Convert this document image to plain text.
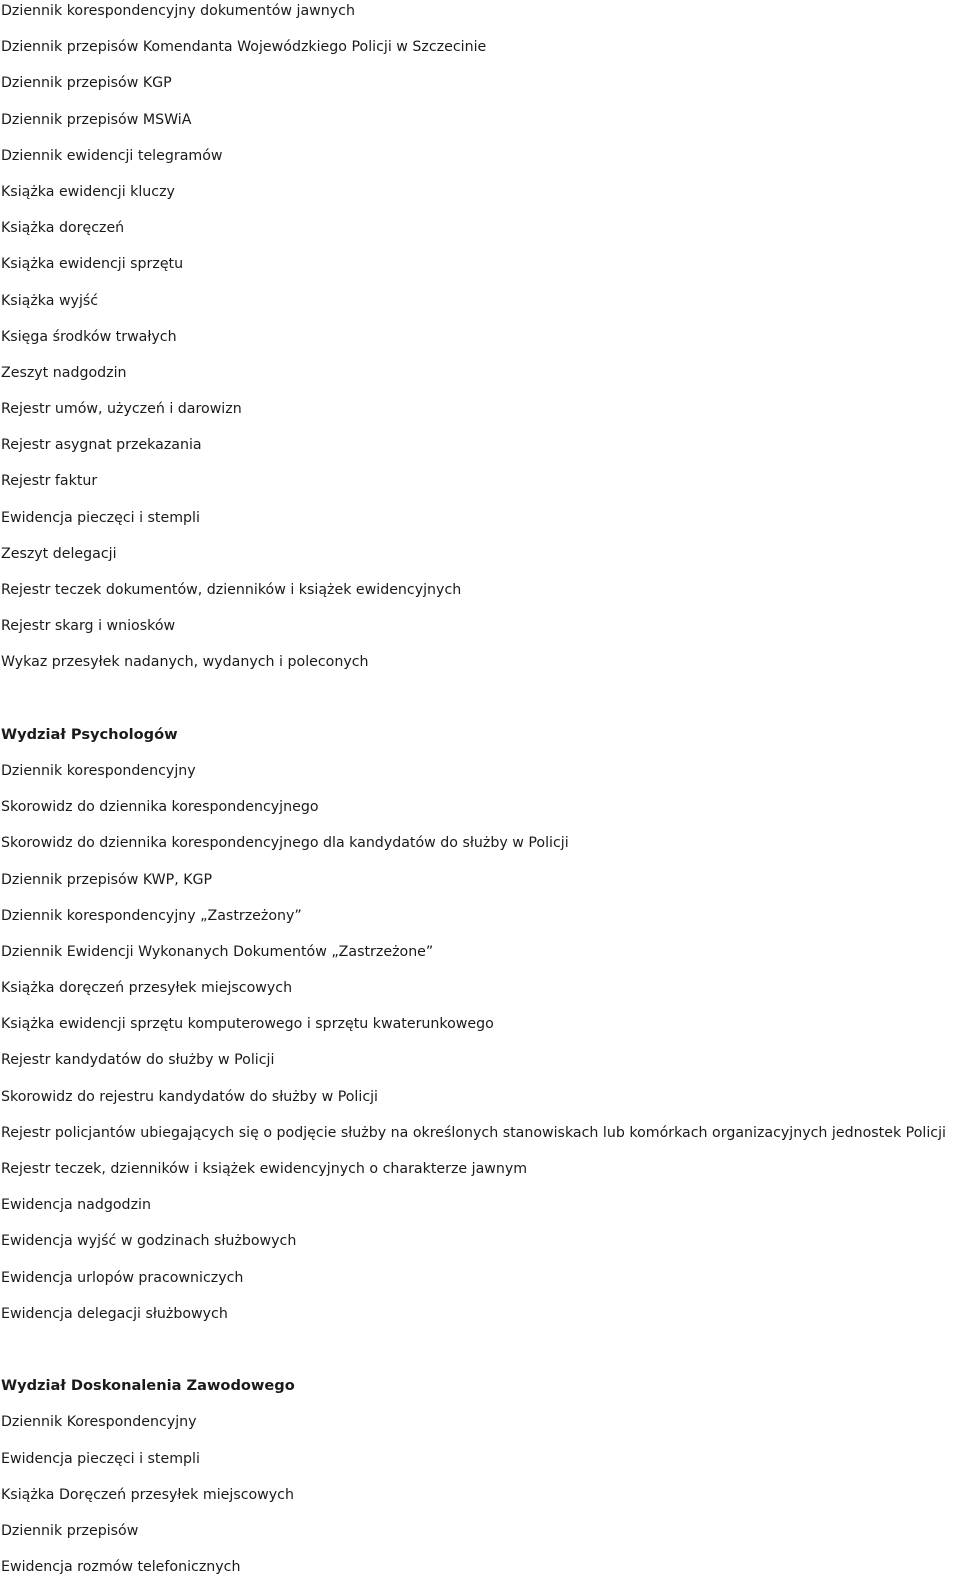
Dziennik korespondencyjny dokumentów jawnych
Dziennik przepisów Komendanta Wojewódzkiego Policji w Szczecinie
Dziennik przepisów KGP
Dziennik przepisów MSWiA
Dziennik ewidencji telegramów
Książka ewidencji kluczy
Książka doręczeń
Książka ewidencji sprzętu
Książka wyjść
Księga środków trwałych
Zeszyt nadgodzin
Rejestr umów, użyczeń i darowizn
Rejestr asygnat przekazania
Rejestr faktur
Ewidencja pieczęci i stempli
Zeszyt delegacji
Rejestr teczek dokumentów, dzienników i książek ewidencyjnych
Rejestr skarg i wniosków
Wykaz przesyłek nadanych, wydanych i poleconych
Wydział Psychologów
Dziennik korespondencyjny
Skorowidz do dziennika korespondencyjnego
Skorowidz do dziennika korespondencyjnego dla kandydatów do służby w Policji
Dziennik przepisów KWP, KGP
Dziennik korespondencyjny „Zastrzeżony”
Dziennik Ewidencji Wykonanych Dokumentów „Zastrzeżone”
Książka doręczeń przesyłek miejscowych
Książka ewidencji sprzętu komputerowego i sprzętu kwaterunkowego
Rejestr kandydatów do służby w Policji
Skorowidz do rejestru kandydatów do służby w Policji
Rejestr policjantów ubiegających się o podjęcie służby na określonych stanowiskach lub komórkach organizacyjnych jednostek Policji
Rejestr teczek, dzienników i książek ewidencyjnych o charakterze jawnym
Ewidencja nadgodzin
Ewidencja wyjść w godzinach służbowych
Ewidencja urlopów pracowniczych
Ewidencja delegacji służbowych
Wydział Doskonalenia Zawodowego
Dziennik Korespondencyjny
Ewidencja pieczęci i stempli
Książka Doręczeń przesyłek miejscowych
Dziennik przepisów
Ewidencja rozmów telefonicznych
